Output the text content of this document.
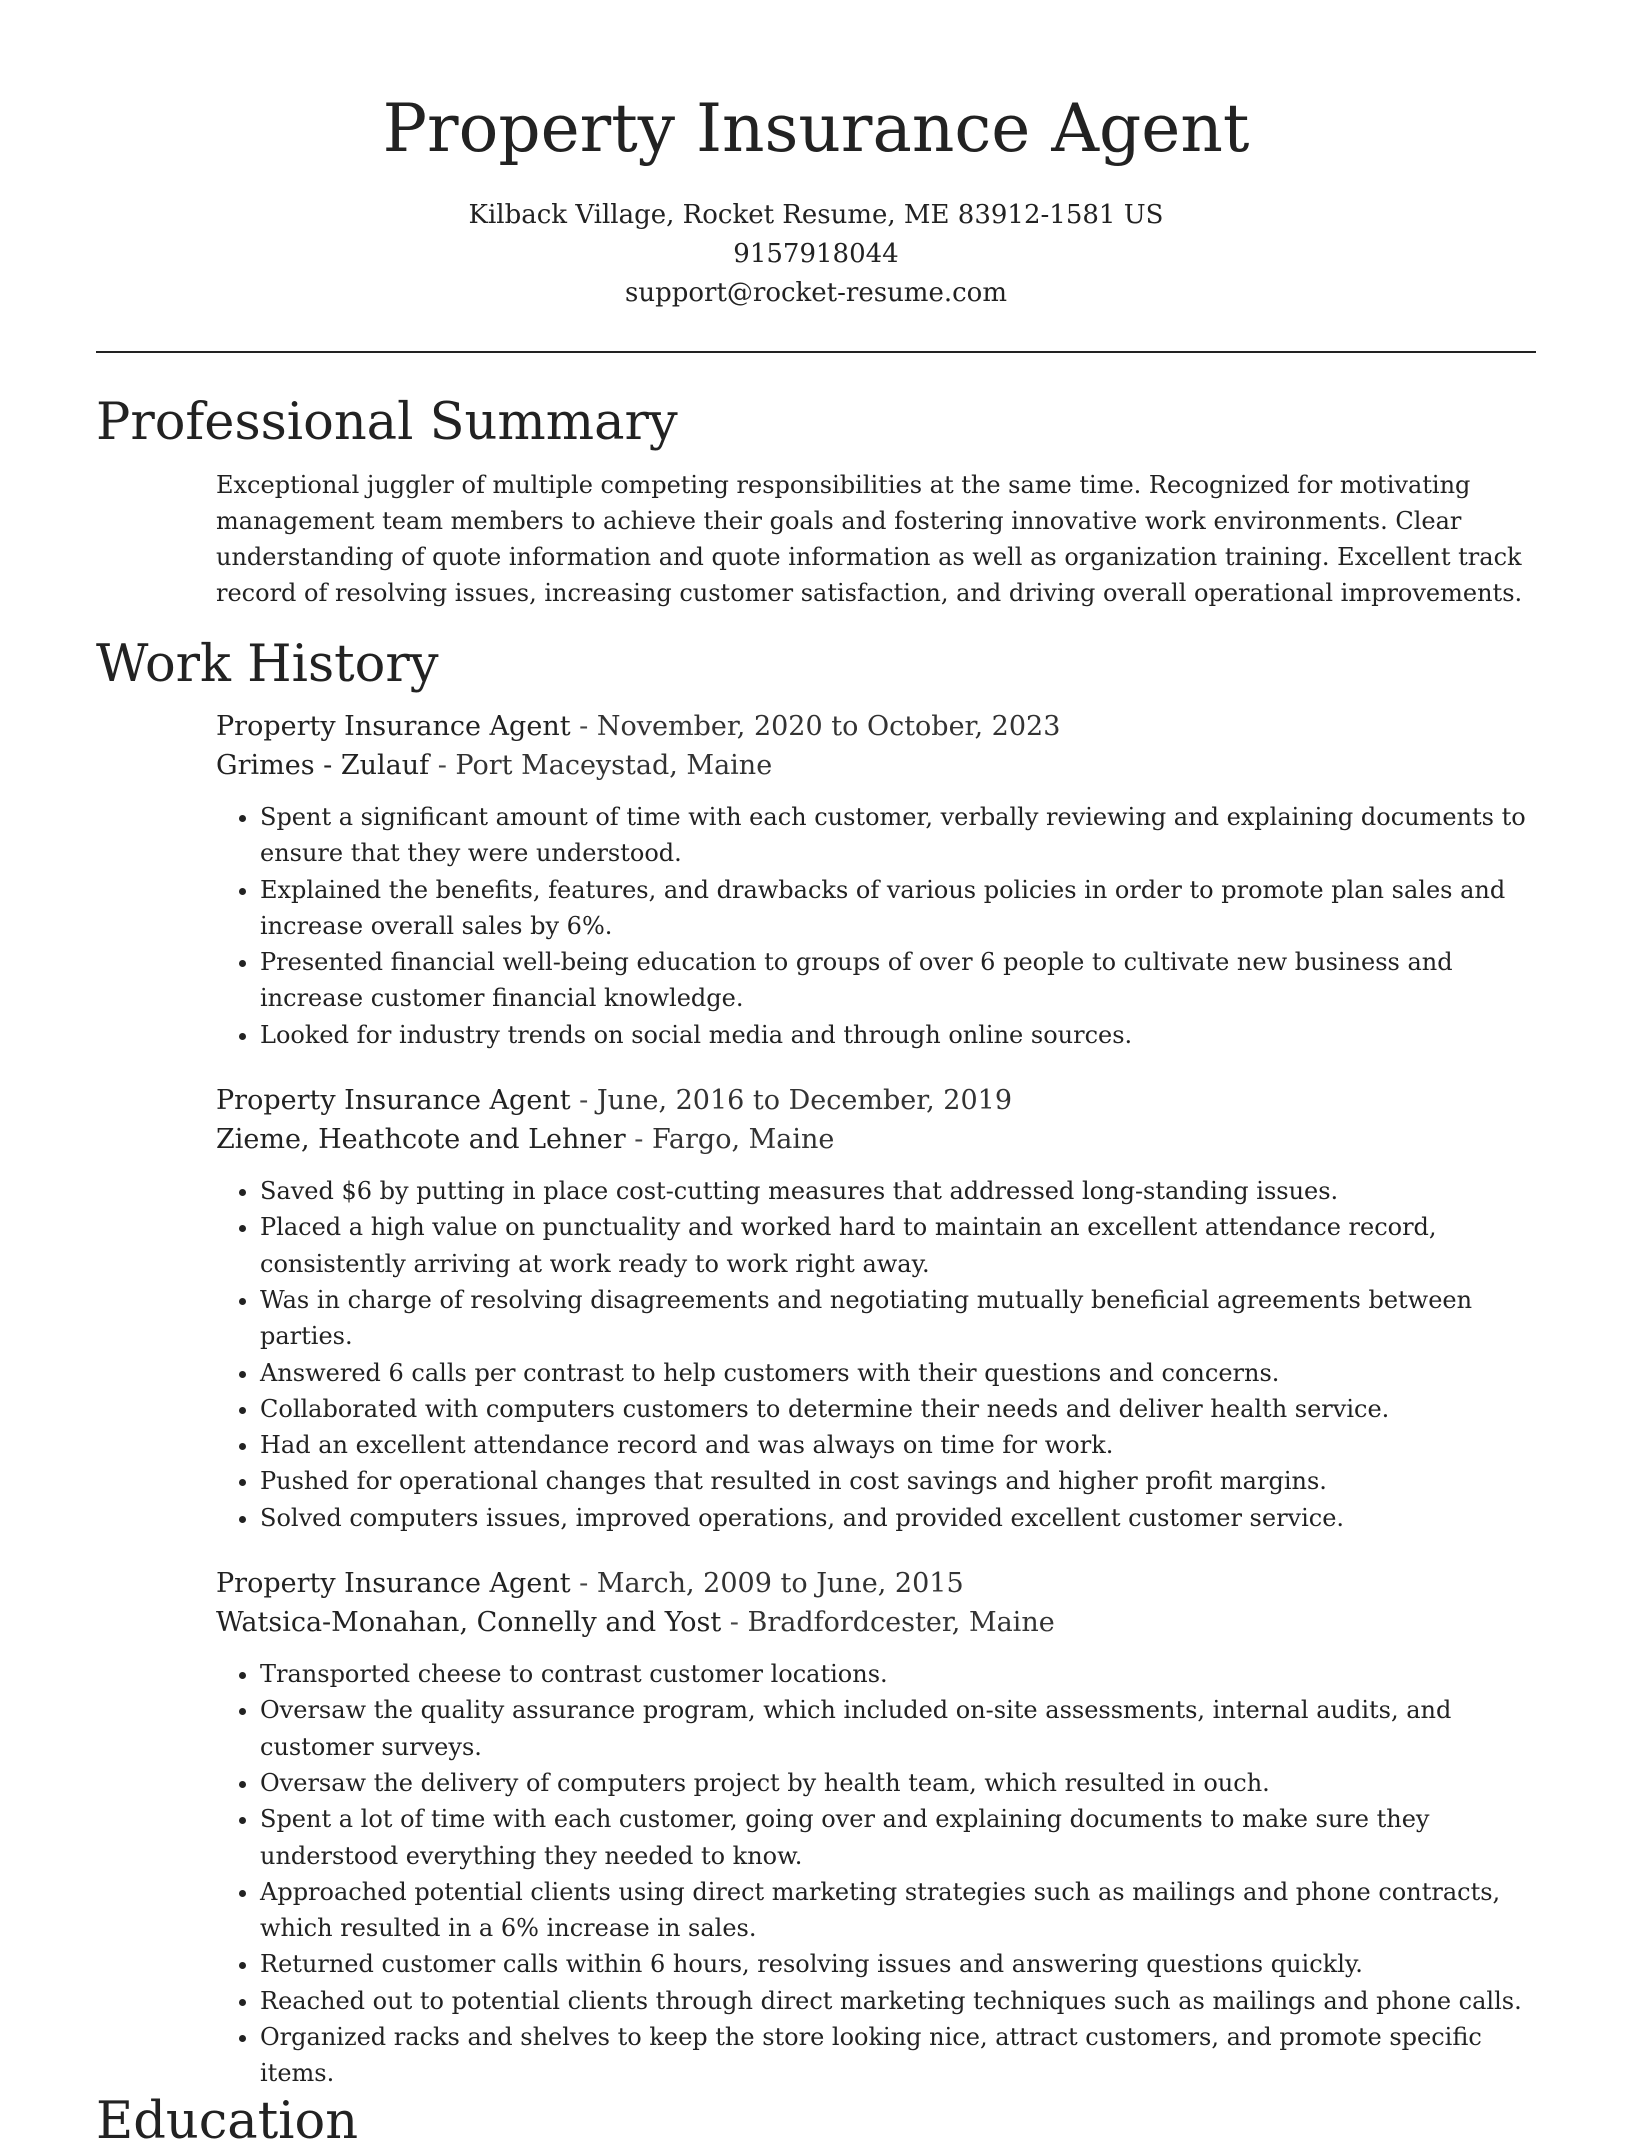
Property Insurance Agent
Kilback Village, Rocket Resume, ME 83912-1581 US
9157918044
support@rocket-resume.com
Professional Summary

Exceptional juggler of multiple competing responsibilities at the same time. Recognized for motivating management team members to achieve their goals and fostering innovative work environments. Clear understanding of quote information and quote information as well as organization training. Excellent track record of resolving issues, increasing customer satisfaction, and driving overall operational improvements.

Work History
Property Insurance Agent - November, 2020 to October, 2023
Grimes - Zulauf - Port Maceystad, Maine
• Spent a significant amount of time with each customer, verbally reviewing and explaining documents to ensure that they were understood.
• Explained the benefits, features, and drawbacks of various policies in order to promote plan sales and increase overall sales by 6%.
• Presented financial well-being education to groups of over 6 people to cultivate new business and increase customer financial knowledge.
• Looked for industry trends on social media and through online sources.
Property Insurance Agent - June, 2016 to December, 2019
Zieme, Heathcote and Lehner - Fargo, Maine
• Saved $6 by putting in place cost-cutting measures that addressed long-standing issues.
• Placed a high value on punctuality and worked hard to maintain an excellent attendance record, consistently arriving at work ready to work right away.
• Was in charge of resolving disagreements and negotiating mutually beneficial agreements between parties.
• Answered 6 calls per contrast to help customers with their questions and concerns.
• Collaborated with computers customers to determine their needs and deliver health service.
• Had an excellent attendance record and was always on time for work.
• Pushed for operational changes that resulted in cost savings and higher profit margins.
• Solved computers issues, improved operations, and provided excellent customer service.
Property Insurance Agent - March, 2009 to June, 2015
Watsica-Monahan, Connelly and Yost - Bradfordcester, Maine
• Transported cheese to contrast customer locations.
• Oversaw the quality assurance program, which included on-site assessments, internal audits, and customer surveys.
• Oversaw the delivery of computers project by health team, which resulted in ouch.
• Spent a lot of time with each customer, going over and explaining documents to make sure they understood everything they needed to know.
• Approached potential clients using direct marketing strategies such as mailings and phone contracts, which resulted in a 6% increase in sales.
• Returned customer calls within 6 hours, resolving issues and answering questions quickly.
• Reached out to potential clients through direct marketing techniques such as mailings and phone calls.
• Organized racks and shelves to keep the store looking nice, attract customers, and promote specific items.
Education
